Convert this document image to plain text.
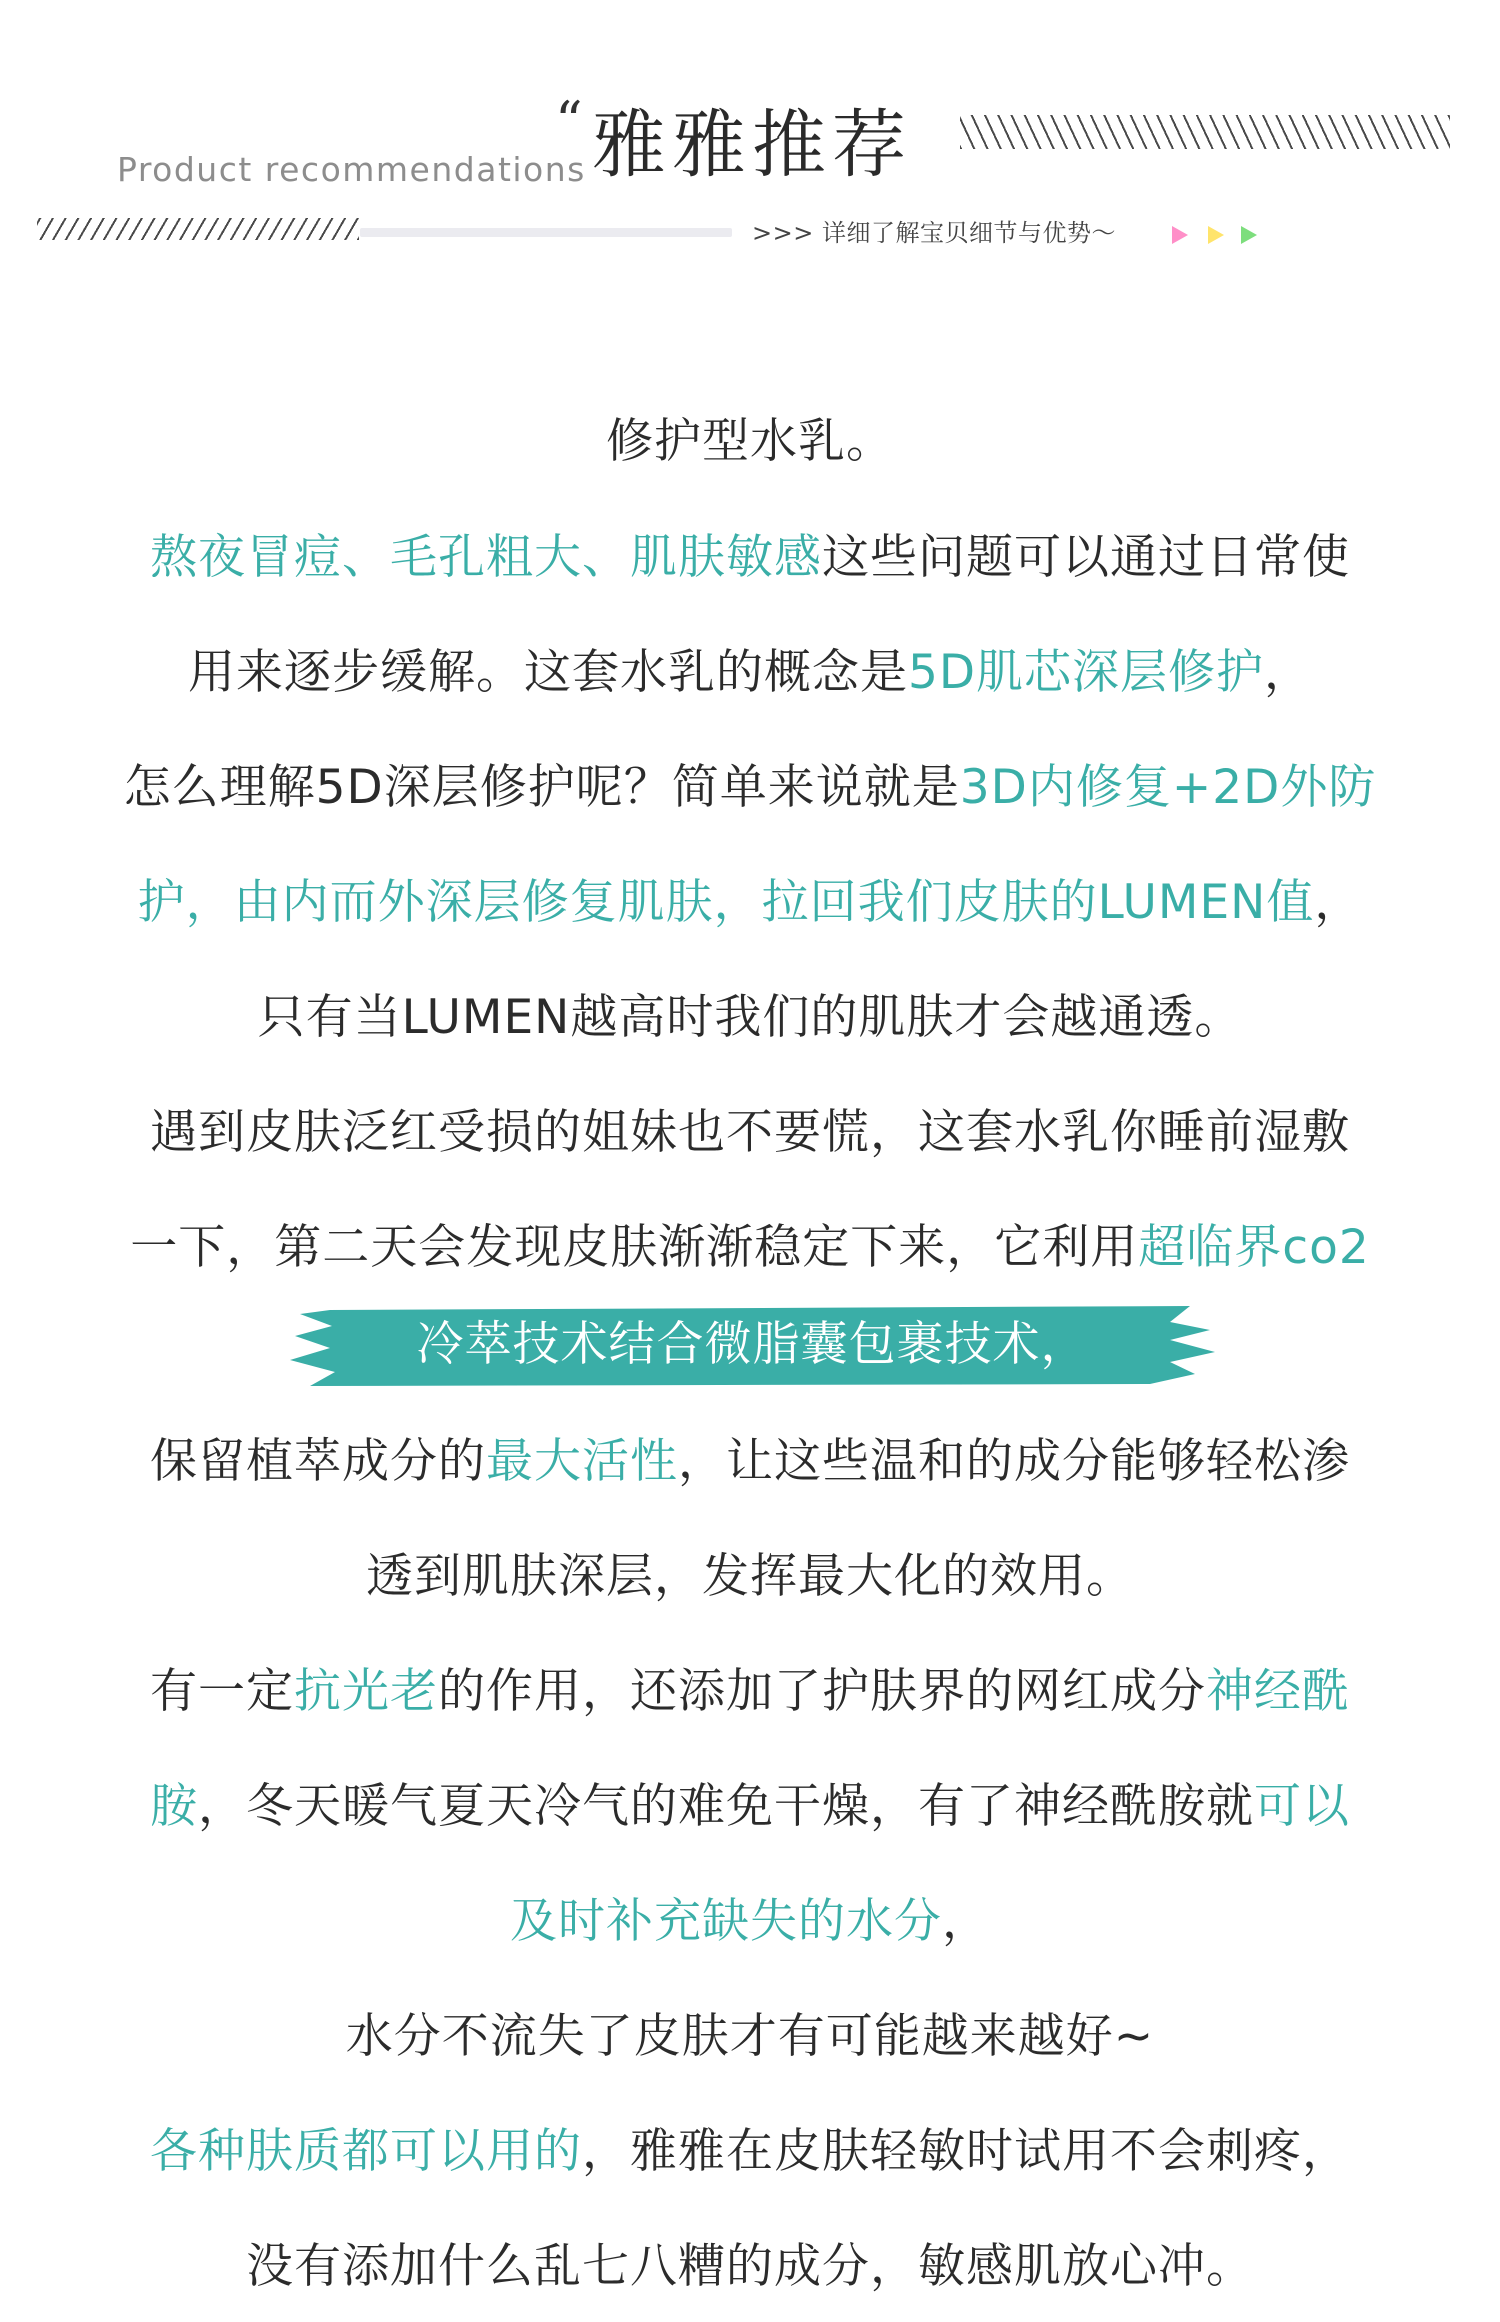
“ 雅雅推荐
Product recommendations
>>> 详细了解宝贝细节与优势～
修护型水乳。
熬夜冒痘、毛孔粗大、肌肤敏感这些问题可以通过日常使
用来逐步缓解。这套水乳的概念是5D肌芯深层修护，
怎么理解5D深层修护呢？简单来说就是3D内修复+2D外防
护，由内而外深层修复肌肤，拉回我们皮肤的LUMEN值，
只有当LUMEN越高时我们的肌肤才会越通透。
遇到皮肤泛红受损的姐妹也不要慌，这套水乳你睡前湿敷
一下，第二天会发现皮肤渐渐稳定下来，它利用超临界co2
冷萃技术结合微脂囊包裹技术，
保留植萃成分的最大活性，让这些温和的成分能够轻松渗
透到肌肤深层，发挥最大化的效用。
有一定抗光老的作用，还添加了护肤界的网红成分神经酰
胺，冬天暖气夏天冷气的难免干燥，有了神经酰胺就可以
及时补充缺失的水分，
水分不流失了皮肤才有可能越来越好~
各种肤质都可以用的，雅雅在皮肤轻敏时试用不会刺疼，
没有添加什么乱七八糟的成分，敏感肌放心冲。
